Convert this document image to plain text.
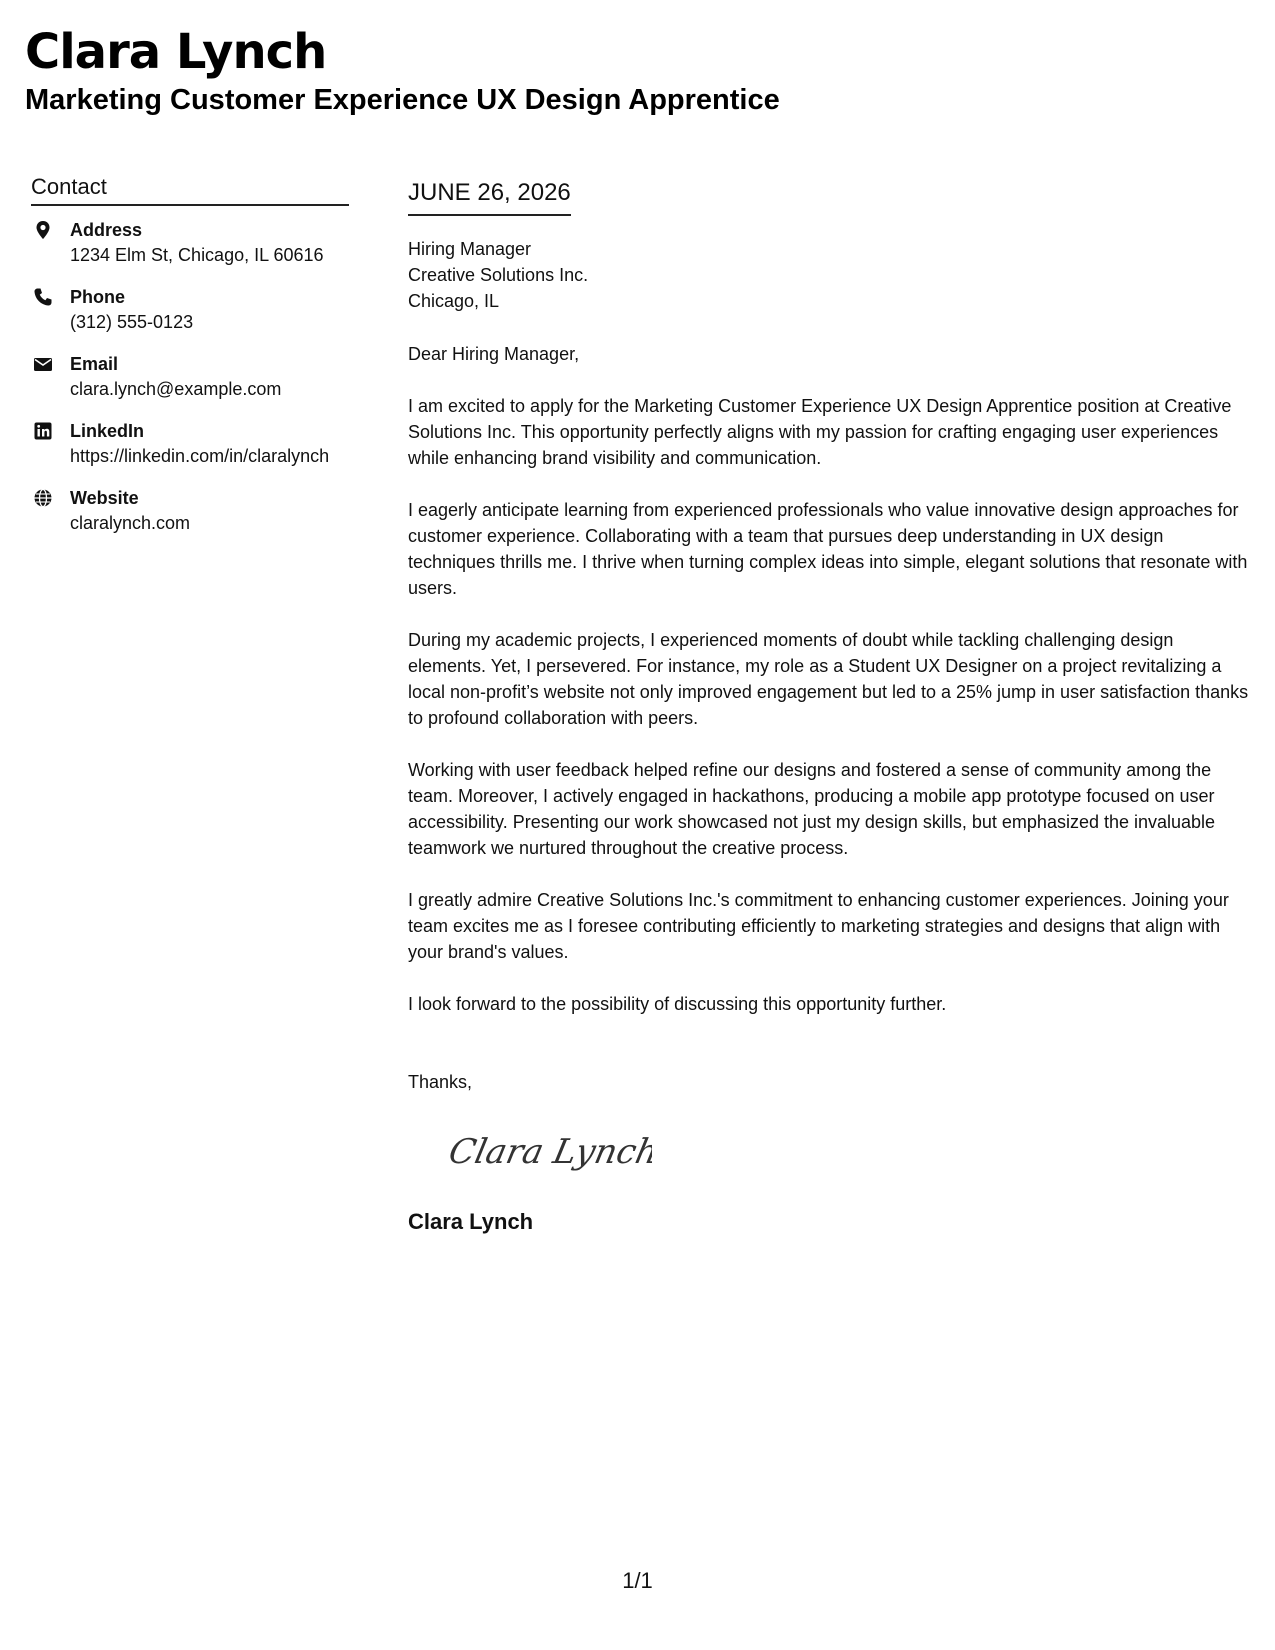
Clara Lynch
Marketing Customer Experience UX Design Apprentice
Contact
Address
1234 Elm St, Chicago, IL 60616
Phone
(312) 555-0123
Email
clara.lynch@example.com
LinkedIn
https://linkedin.com/in/claralynch
Website
claralynch.com
JUNE 26, 2026

Hiring Manager

Creative Solutions Inc.

Chicago, IL

Dear Hiring Manager,

I am excited to apply for the Marketing Customer Experience UX Design Apprentice position at Creative Solutions Inc. This opportunity perfectly aligns with my passion for crafting engaging user experiences while enhancing brand visibility and communication.

I eagerly anticipate learning from experienced professionals who value innovative design approaches for customer experience. Collaborating with a team that pursues deep understanding in UX design techniques thrills me. I thrive when turning complex ideas into simple, elegant solutions that resonate with users.

During my academic projects, I experienced moments of doubt while tackling challenging design elements. Yet, I persevered. For instance, my role as a Student UX Designer on a project revitalizing a local non-profit’s website not only improved engagement but led to a 25% jump in user satisfaction thanks to profound collaboration with peers.

Working with user feedback helped refine our designs and fostered a sense of community among the team. Moreover, I actively engaged in hackathons, producing a mobile app prototype focused on user accessibility. Presenting our work showcased not just my design skills, but emphasized the invaluable teamwork we nurtured throughout the creative process.

I greatly admire Creative Solutions Inc.'s commitment to enhancing customer experiences. Joining your team excites me as I foresee contributing efficiently to marketing strategies and designs that align with your brand's values.

I look forward to the possibility of discussing this opportunity further.

Thanks,

Clara Lynch
Clara Lynch
1/1
